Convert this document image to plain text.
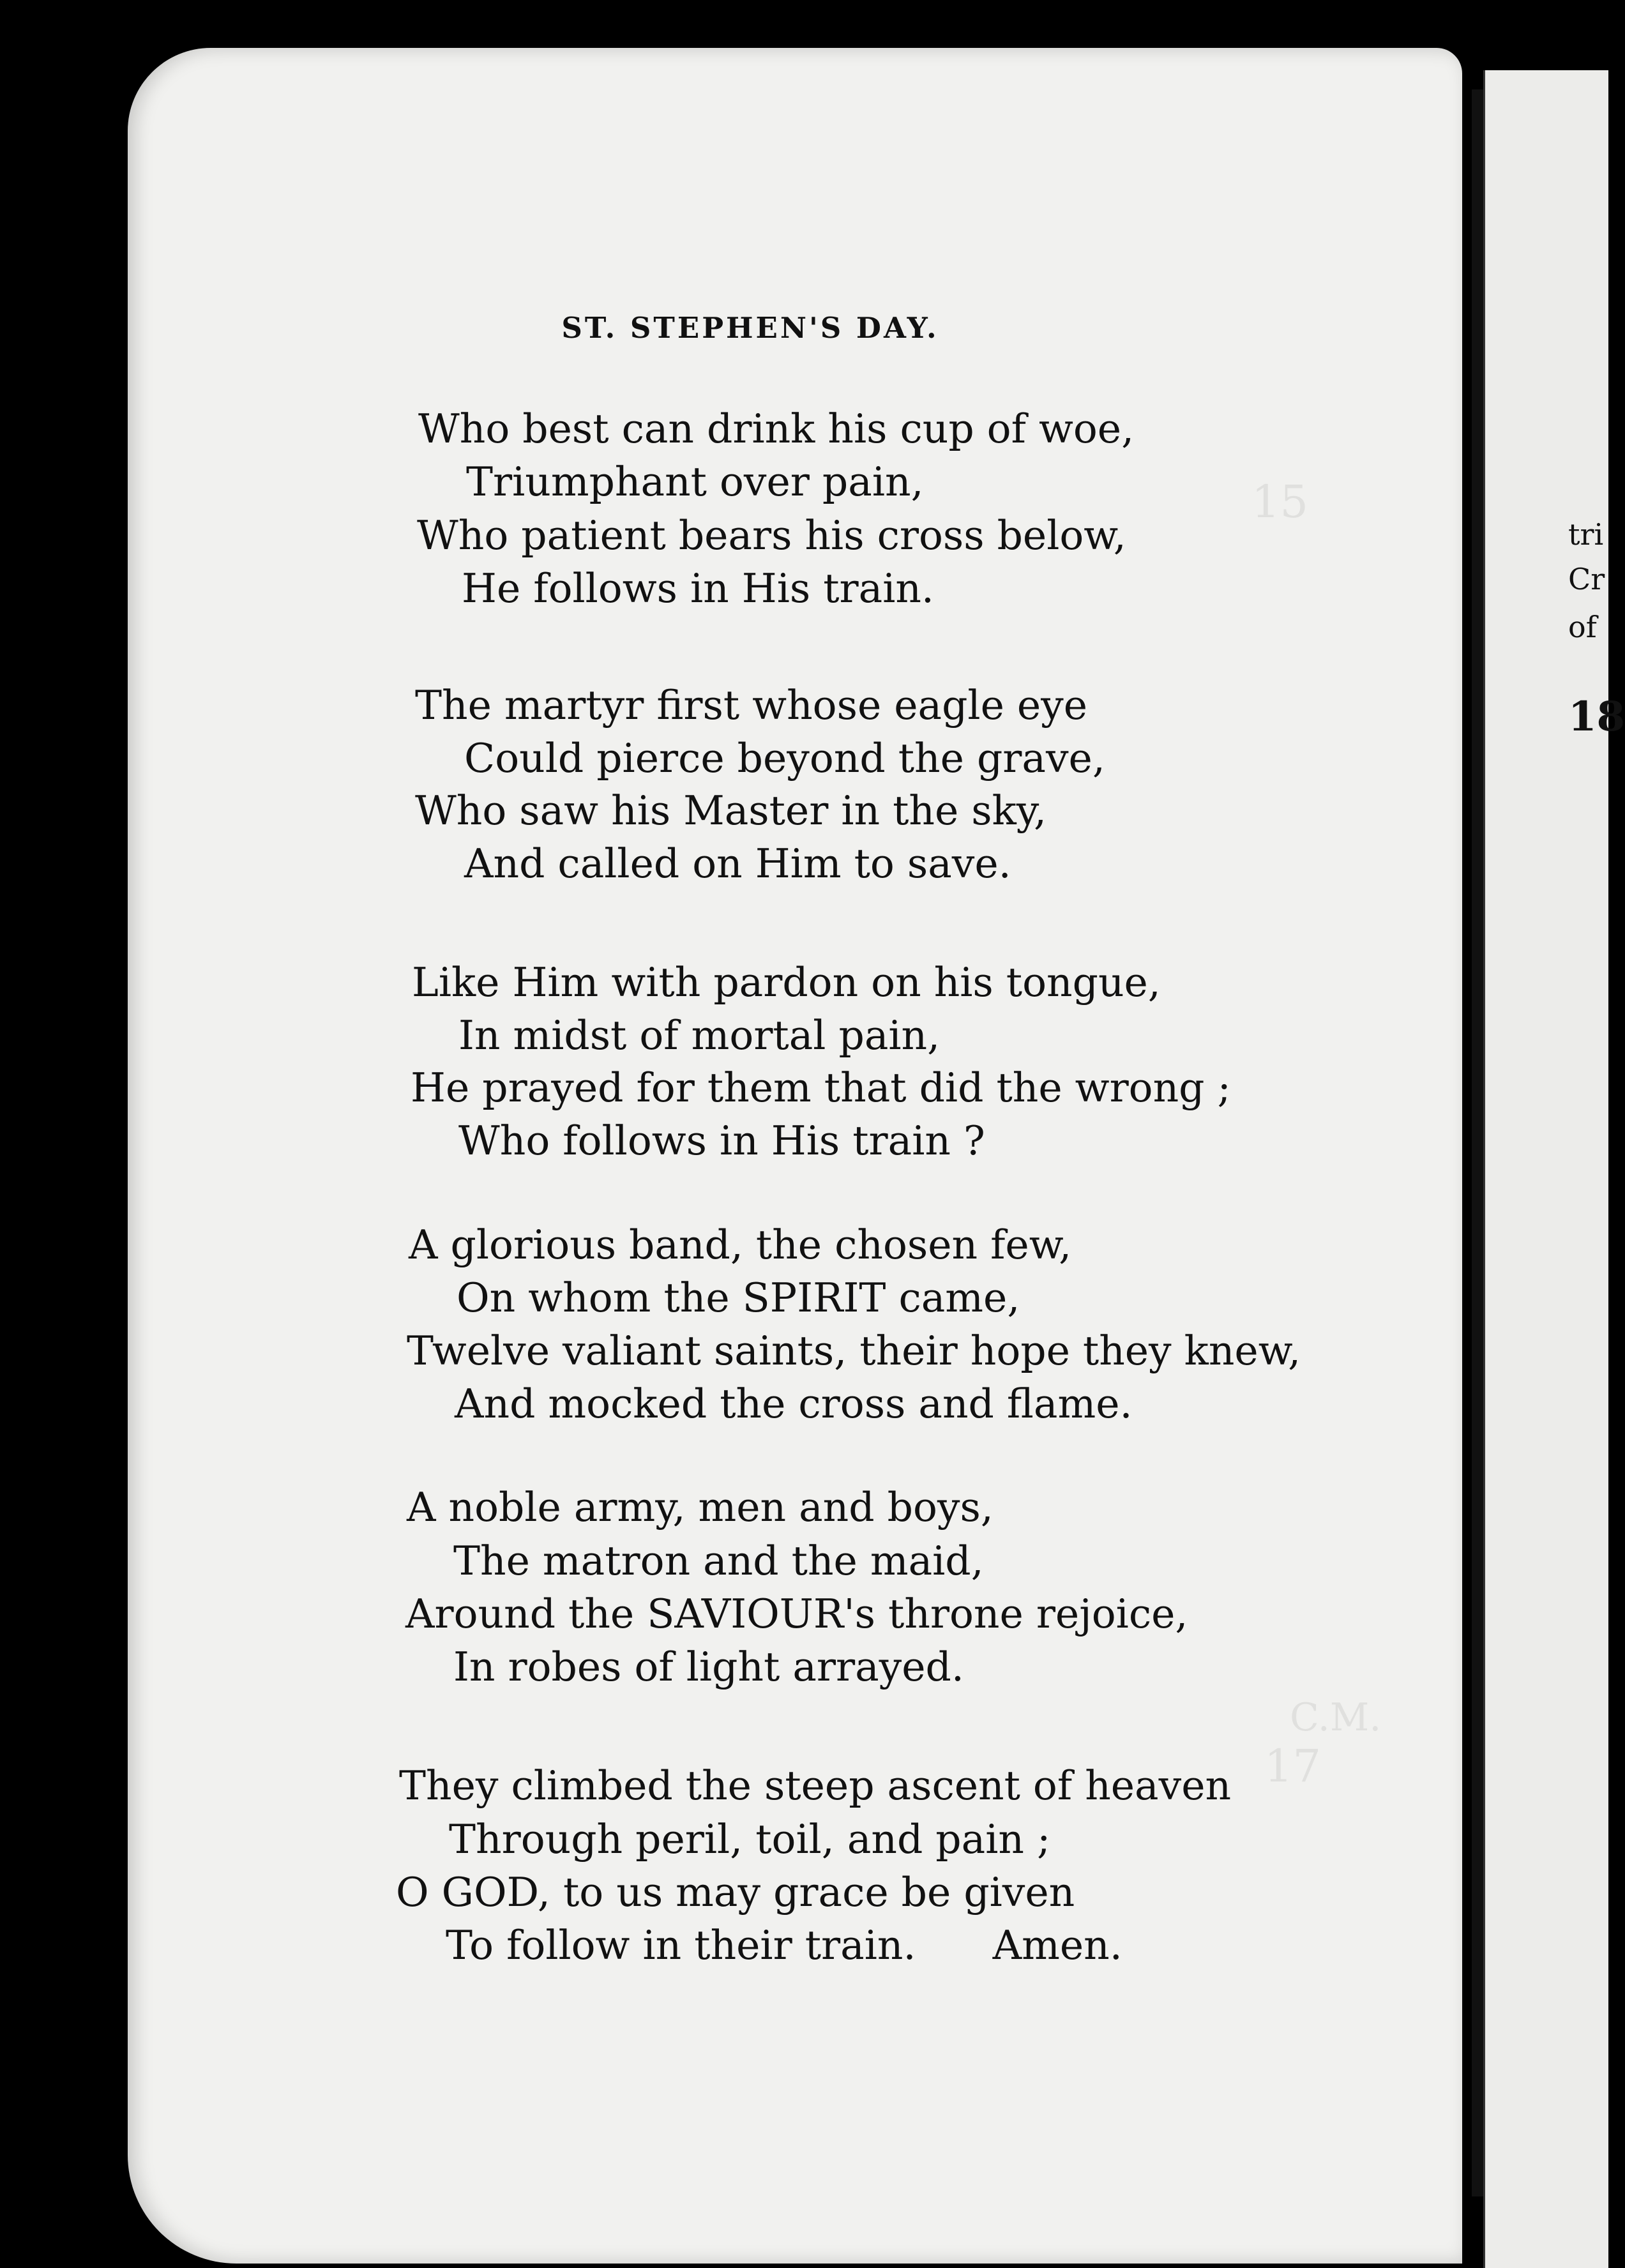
15
C.M.
17
ST. STEPHEN'S DAY.
Who best can drink his cup of woe,
Triumphant over pain,
Who patient bears his cross below,
He follows in His train.
The martyr first whose eagle eye
Could pierce beyond the grave,
Who saw his Master in the sky,
And called on Him to save.
Like Him with pardon on his tongue,
In midst of mortal pain,
He prayed for them that did the wrong ;
Who follows in His train ?
A glorious band, the chosen few,
On whom the SPIRIT came,
Twelve valiant saints, their hope they knew,
And mocked the cross and flame.
A noble army, men and boys,
The matron and the maid,
Around the SAVIOUR's throne rejoice,
In robes of light arrayed.
They climbed the steep ascent of heaven
Through peril, toil, and pain ;
O GOD, to us may grace be given
To follow in their train.      Amen.
tri
Cr
of
18
